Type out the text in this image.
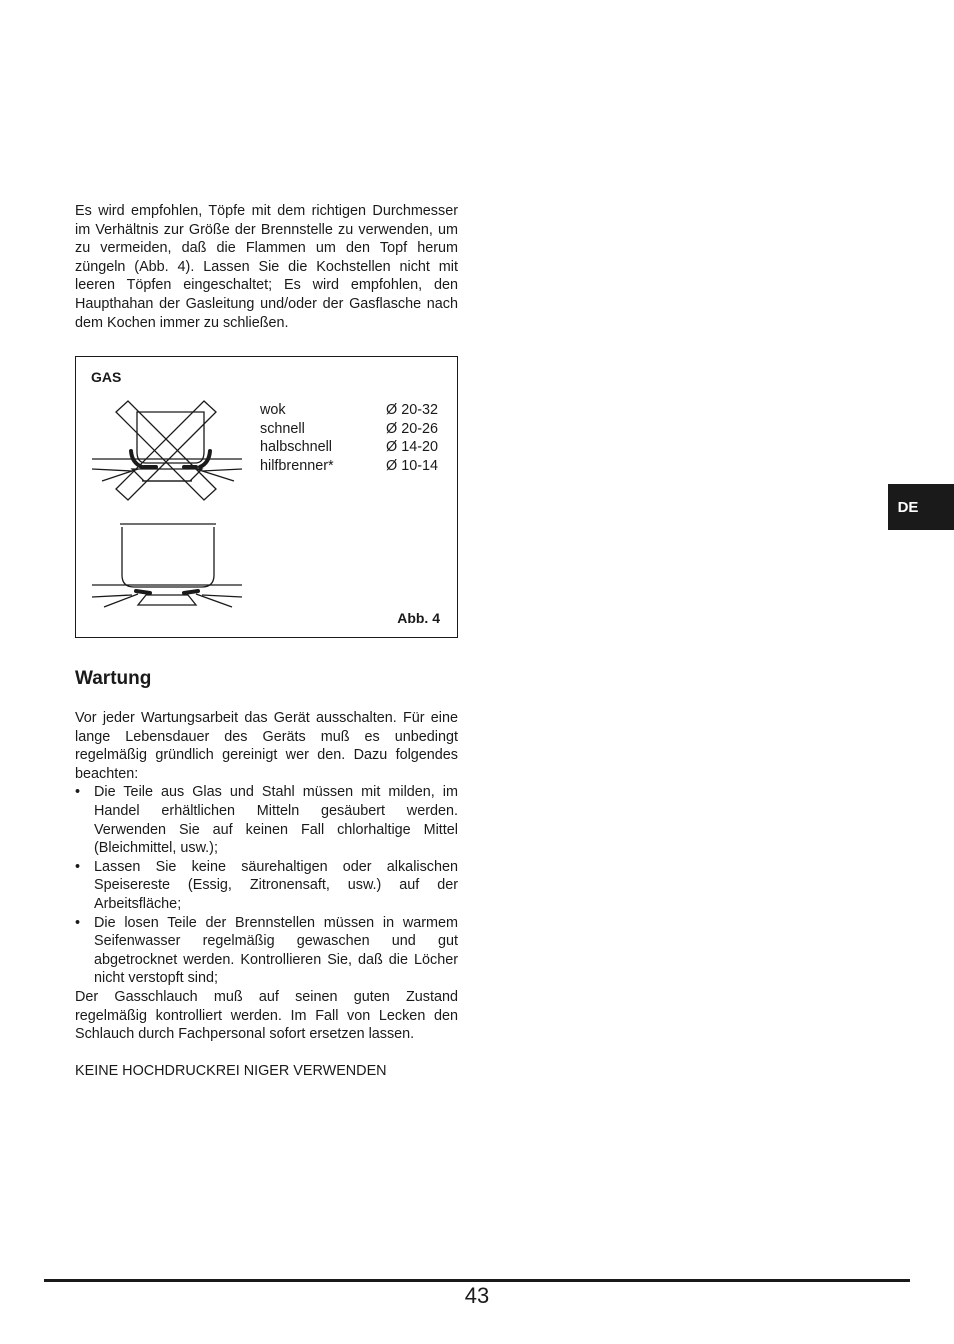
Es wird empfohlen, Töpfe mit dem richtigen Durchmesser im Verhältnis zur Größe der Brennstelle zu verwenden, um zu vermeiden, daß die Flammen um den Topf herum züngeln (Abb. 4). Lassen Sie die Kochstellen nicht mit leeren Töpfen eingeschaltet; Es wird empfohlen, den Haupthahan der Gasleitung und/oder der Gasflasche nach dem Kochen immer zu schließen.

GAS
wok	Ø 20-32
schnell	Ø 20-26
halbschnell	Ø 14-20
hilfbrenner*	Ø 10-14
Abb. 4
Wartung
Vor jeder Wartungsarbeit das Gerät ausschalten. Für eine lange Lebensdauer des Geräts muß es unbedingt regelmäßig gründlich gereinigt wer den. Dazu folgendes beachten:
• Die Teile aus Glas und Stahl müssen mit milden, im Handel erhältlichen Mitteln gesäubert werden. Verwenden Sie auf keinen Fall chlorhaltige Mittel (Bleichmittel, usw.);
• Lassen Sie keine säurehaltigen oder alkalischen Speisereste (Essig, Zitronensaft, usw.) auf der Arbeitsfläche;
• Die losen Teile der Brennstellen müssen in warmem Seifenwasser regelmäßig gewaschen und gut abgetrocknet werden. Kontrollieren Sie, daß die Löcher nicht verstopft sind;
Der Gasschlauch muß auf seinen guten Zustand regelmäßig kontrolliert werden. Im Fall von Lecken den Schlauch durch Fachpersonal sofort ersetzen lassen.
KEINE HOCHDRUCKREI NIGER VERWENDEN
DE
43
